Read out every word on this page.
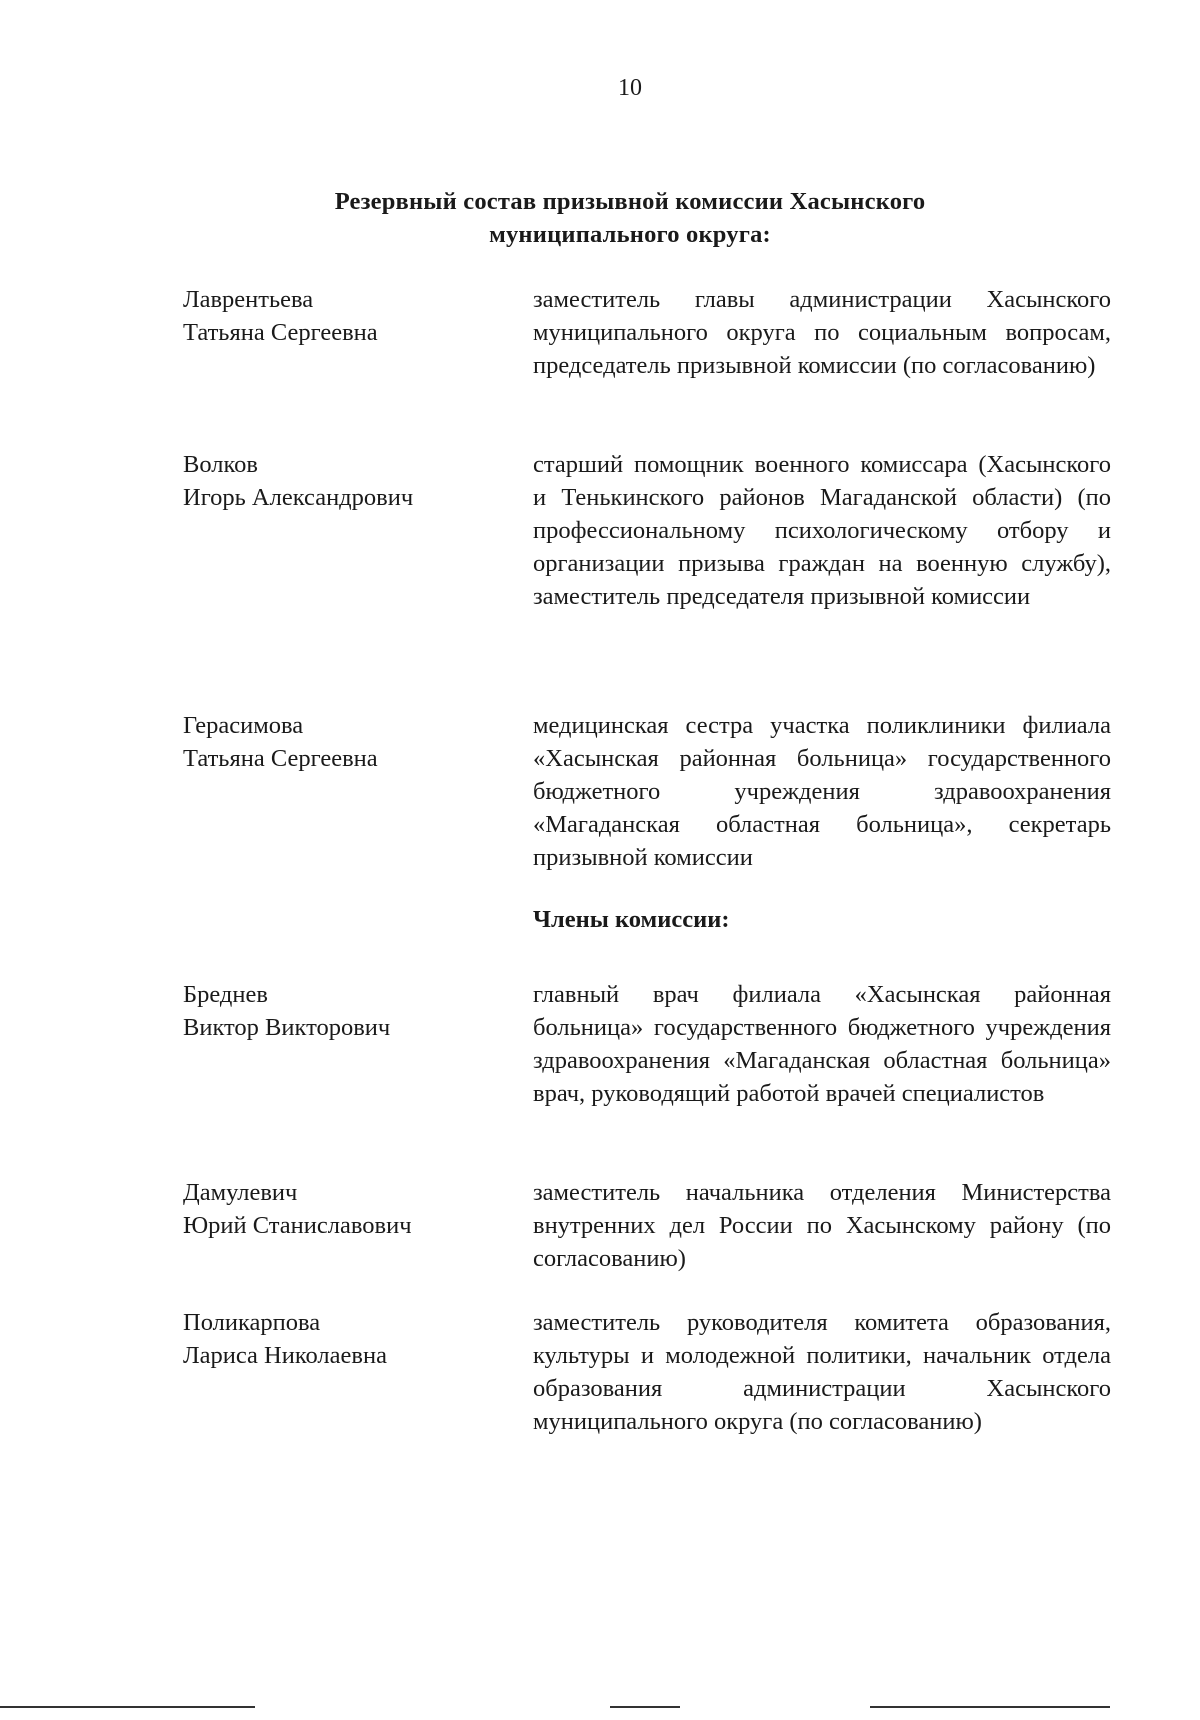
10
Резервный состав призывной комиссии Хасынского муниципального округа:
Лаврентьева
Татьяна Сергеевна
заместитель главы администрации Хасынского муниципального округа по социальным вопросам, председатель призывной комиссии (по согласованию)
Волков
Игорь Александрович
старший помощник военного комиссара (Хасынского и Тенькинского районов Магаданской области) (по профессиональному психологическому отбору и организации призыва граждан на военную службу), заместитель председателя призывной комиссии
Герасимова
Татьяна Сергеевна
медицинская сестра участка поликлиники филиала «Хасынская районная больница» государственного бюджетного учреждения здравоохранения «Магаданская областная больница», секретарь призывной комиссии
Члены комиссии:
Бреднев
Виктор Викторович
главный врач филиала «Хасынская районная больница» государственного бюджетного учреждения здравоохранения «Магаданская областная больница» врач, руководящий работой врачей специалистов
Дамулевич
Юрий Станиславович
заместитель начальника отделения Министерства внутренних дел России по Хасынскому району (по согласованию)
Поликарпова
Лариса Николаевна
заместитель руководителя комитета образования, культуры и молодежной политики, начальник отдела образования администрации Хасынского муниципального округа (по согласованию)
